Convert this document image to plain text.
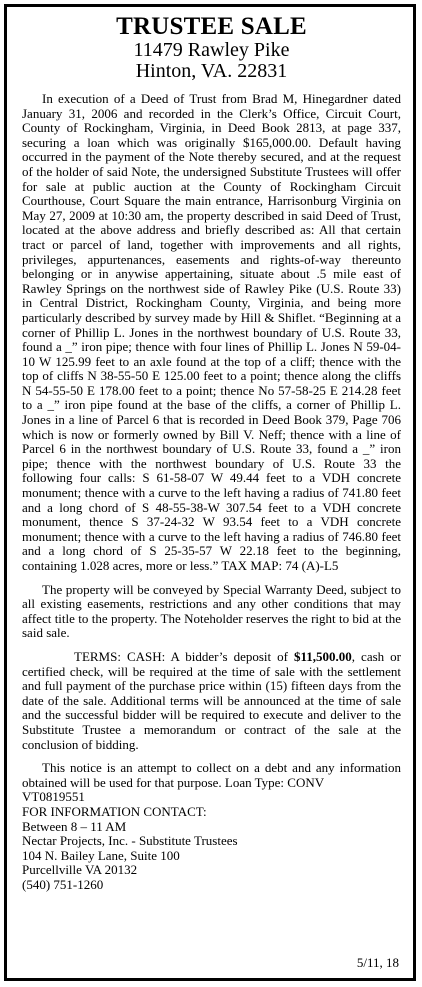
TRUSTEE SALE
11479 Rawley Pike
Hinton, VA. 22831

In execution of a Deed of Trust from Brad M, Hinegardner dated January 31, 2006 and recorded in the Clerk’s Office, Circuit Court, County of Rockingham, Virginia, in Deed Book 2813, at page 337, securing a loan which was originally $165,000.00. Default having occurred in the payment of the Note thereby secured, and at the request of the holder of said Note, the undersigned Substitute Trustees will offer for sale at public auction at the County of Rockingham Circuit Courthouse, Court Square the main entrance, Harrisonburg Virginia on May 27, 2009 at 10:30 am, the property described in said Deed of Trust, located at the above address and briefly described as: All that certain tract or parcel of land, together with improvements and all rights, privileges, appurtenances, easements and rights-of-way thereunto belonging or in anywise appertaining, situate about .5 mile east of Rawley Springs on the northwest side of Rawley Pike (U.S. Route 33) in Central District, Rockingham County, Virginia, and being more particularly described by survey made by Hill & Shiflet. “Beginning at a corner of Phillip L. Jones in the northwest boundary of U.S. Route 33, found a _” iron pipe; thence with four lines of Phillip L. Jones N 59-04-10 W 125.99 feet to an axle found at the top of a cliff; thence with the top of cliffs N 38-55-50 E 125.00 feet to a point; thence along the cliffs N 54-55-50 E 178.00 feet to a point; thence No 57-58-25 E 214.28 feet to a _” iron pipe found at the base of the cliffs, a corner of Phillip L. Jones in a line of Parcel 6 that is recorded in Deed Book 379, Page 706 which is now or formerly owned by Bill V. Neff; thence with a line of Parcel 6 in the northwest boundary of U.S. Route 33, found a _” iron pipe; thence with the northwest boundary of U.S. Route 33 the following four calls: S 61-58-07 W 49.44 feet to a VDH concrete monument; thence with a curve to the left having a radius of 741.80 feet and a long chord of S 48-55-38-W 307.54 feet to a VDH concrete monument, thence S 37-24-32 W 93.54 feet to a VDH concrete monument; thence with a curve to the left having a radius of 746.80 feet and a long chord of S 25-35-57 W 22.18 feet to the beginning, containing 1.028 acres, more or less.” TAX MAP: 74 (A)-L5

The property will be conveyed by Special Warranty Deed, subject to all existing easements, restrictions and any other conditions that may affect title to the property. The Noteholder reserves the right to bid at the said sale.

TERMS: CASH: A bidder’s deposit of $11,500.00, cash or certified check, will be required at the time of sale with the settlement and full payment of the purchase price within (15) fifteen days from the date of the sale. Additional terms will be announced at the time of sale and the successful bidder will be required to execute and deliver to the Substitute Trustee a memorandum or contract of the sale at the conclusion of bidding.

This notice is an attempt to collect on a debt and any information obtained will be used for that purpose. Loan Type: CONV

VT0819551
FOR INFORMATION CONTACT:
Between 8 – 11 AM
Nectar Projects, Inc. - Substitute Trustees
104 N. Bailey Lane, Suite 100
Purcellville VA 20132
(540) 751-1260
5/11, 18
